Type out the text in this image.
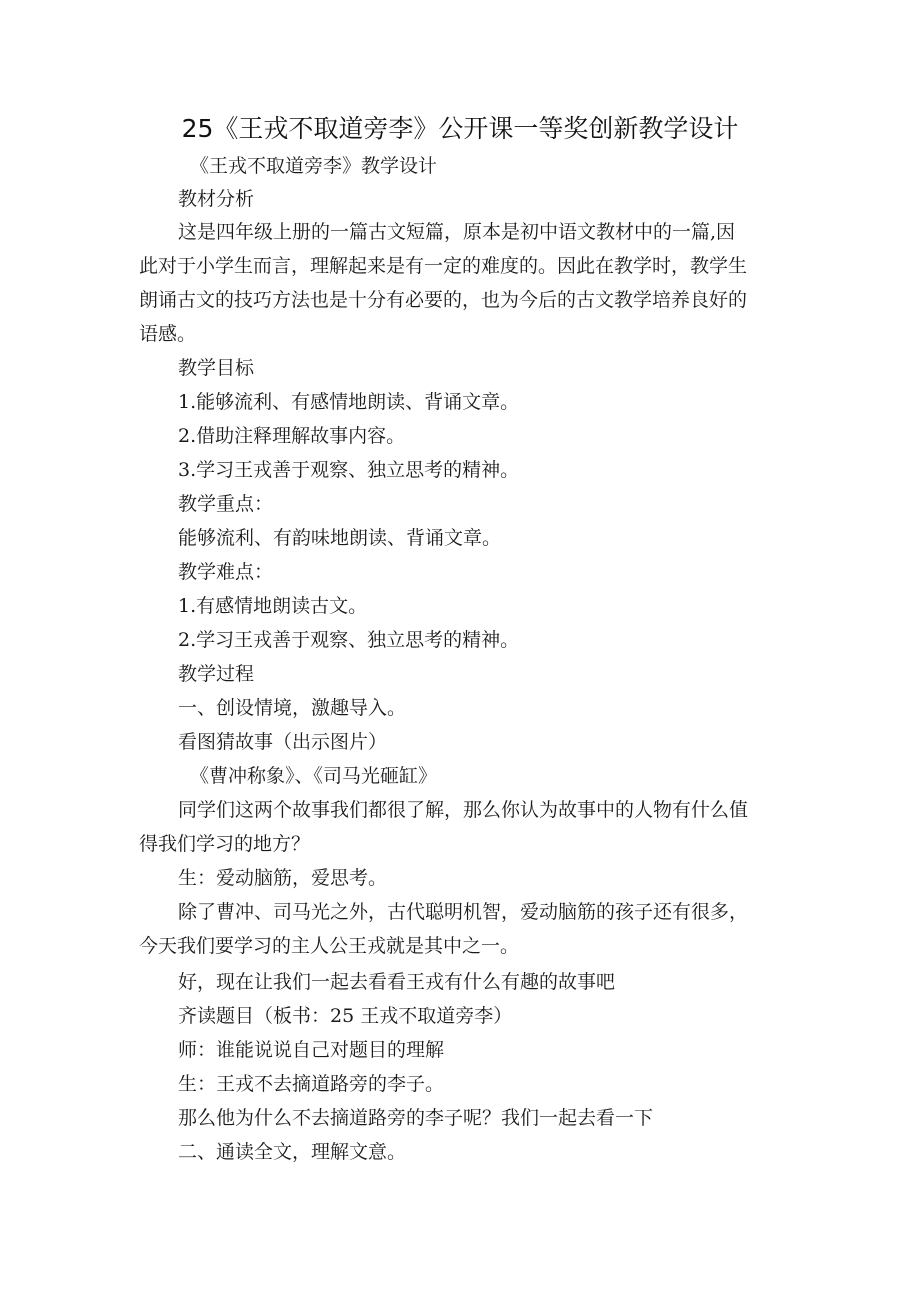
25《王戎不取道旁李》公开课一等奖创新教学设计
《王戎不取道旁李》教学设计
教材分析
这是四年级上册的一篇古文短篇，原本是初中语文教材中的一篇,因
此对于小学生而言，理解起来是有一定的难度的。因此在教学时，教学生
朗诵古文的技巧方法也是十分有必要的，也为今后的古文教学培养良好的
语感。
教学目标
1.能够流利、有感情地朗读、背诵文章。
2.借助注释理解故事内容。
3.学习王戎善于观察、独立思考的精神。
教学重点：
能够流利、有韵味地朗读、背诵文章。
教学难点：
1.有感情地朗读古文。
2.学习王戎善于观察、独立思考的精神。
教学过程
一、创设情境，激趣导入。
看图猜故事（出示图片）
《曹冲称象》、《司马光砸缸》
同学们这两个故事我们都很了解，那么你认为故事中的人物有什么值
得我们学习的地方？
生：爱动脑筋，爱思考。
除了曹冲、司马光之外，古代聪明机智，爱动脑筋的孩子还有很多，
今天我们要学习的主人公王戎就是其中之一。
好，现在让我们一起去看看王戎有什么有趣的故事吧
齐读题目（板书：25 王戎不取道旁李）
师：谁能说说自己对题目的理解
生：王戎不去摘道路旁的李子。
那么他为什么不去摘道路旁的李子呢？我们一起去看一下
二、通读全文，理解文意。
